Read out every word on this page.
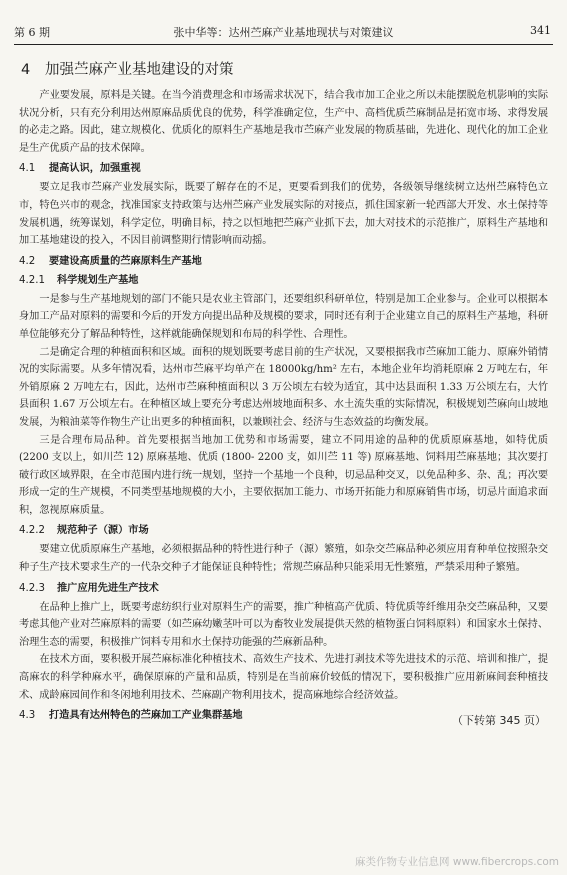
第 6 期	张中华等：达州苎麻产业基地现状与对策建议	341
4 加强苎麻产业基地建设的对策

产业要发展，原料是关键。在当今消费理念和市场需求状况下，结合我市加工企业之所以未能摆脱危机影响的实际状况分析，只有充分利用达州原麻品质优良的优势，科学准确定位，生产中、高档优质苎麻制品是拓宽市场、求得发展的必走之路。因此，建立规模化、优质化的原料生产基地是我市苎麻产业发展的物质基础，先进化、现代化的加工企业是生产优质产品的技术保障。

4.1 提高认识，加强重视

要立足我市苎麻产业发展实际，既要了解存在的不足，更要看到我们的优势，各级领导继续树立达州苎麻特色立市，特色兴市的观念，找准国家支持政策与达州苎麻产业发展实际的对接点，抓住国家新一轮西部大开发、水土保持等发展机遇，统筹谋划，科学定位，明确目标，持之以恒地把苎麻产业抓下去，加大对技术的示范推广，原料生产基地和加工基地建设的投入，不因目前调整期行情影响而动摇。

4.2 要建设高质量的苎麻原料生产基地
4.2.1 科学规划生产基地

一是参与生产基地规划的部门不能只是农业主管部门，还要组织科研单位，特别是加工企业参与。企业可以根据本身加工产品对原料的需要和今后的开发方向提出品种及规模的要求，同时还有利于企业建立自己的原料生产基地，科研单位能够充分了解品种特性，这样就能确保规划和布局的科学性、合理性。

二是确定合理的种植面积和区域。面积的规划既要考虑目前的生产状况，又要根据我市苎麻加工能力、原麻外销情况的实际需要。从多年情况看，达州市苎麻平均单产在 18000kg/hm² 左右，本地企业年均消耗原麻 2 万吨左右，年外销原麻 2 万吨左右，因此，达州市苎麻种植面积以 3 万公顷左右较为适宜，其中达县面积 1.33 万公顷左右，大竹县面积 1.67 万公顷左右。在种植区域上要充分考虑达州坡地面积多、水土流失重的实际情况，积极规划苎麻向山坡地发展，为粮油菜等作物生产让出更多的种植面积，以兼顾社会、经济与生态效益的均衡发展。

三是合理布局品种。首先要根据当地加工优势和市场需要，建立不同用途的品种的优质原麻基地，如特优质 (2200 支以上，如川苎 12) 原麻基地、优质 (1800- 2200 支，如川苎 11 等) 原麻基地、饲料用苎麻基地；其次要打破行政区域界限，在全市范围内进行统一规划，坚持一个基地一个良种，切忌品种交叉，以免品种多、杂、乱；再次要形成一定的生产规模，不同类型基地规模的大小，主要依据加工能力、市场开拓能力和原麻销售市场，切忌片面追求面积，忽视原麻质量。

4.2.2 规范种子（源）市场

要建立优质原麻生产基地，必须根据品种的特性进行种子（源）繁殖，如杂交苎麻品种必须应用育种单位按照杂交种子生产技术要求生产的一代杂交种子才能保证良种特性；常规苎麻品种只能采用无性繁殖，严禁采用种子繁殖。

4.2.3 推广应用先进生产技术

在品种上推广上，既要考虑纺织行业对原料生产的需要，推广种植高产优质、特优质等纤维用杂交苎麻品种，又要考虑其他产业对苎麻原料的需要（如苎麻幼嫩茎叶可以为畜牧业发展提供天然的植物蛋白饲料原料）和国家水土保持、治理生态的需要，积极推广饲料专用和水土保持功能强的苎麻新品种。

在技术方面，要积极开展苎麻标准化种植技术、高效生产技术、先进打剥技术等先进技术的示范、培训和推广，提高麻农的科学种麻水平，确保原麻的产量和品质，特别是在当前麻价较低的情况下，要积极推广应用新麻间套种植技术、成龄麻园间作和冬闲地利用技术、苎麻副产物利用技术，提高麻地综合经济效益。

4.3 打造具有达州特色的苎麻加工产业集群基地	（下转第 345 页）
麻类作物专业信息网 www.fibercrops.com
